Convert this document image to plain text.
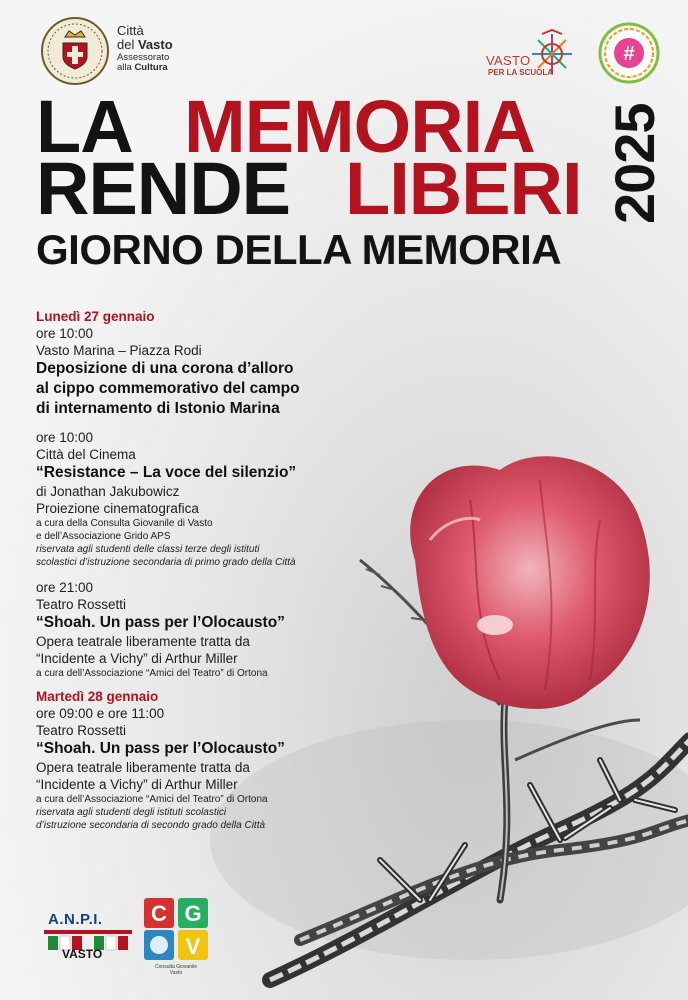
Città
del Vasto
Assessorato
alla Cultura	VASTO
PER LA SCUOLA
#
LA MEMORIA
RENDE LIBERI 2025
GIORNO DELLA MEMORIA
Lunedì 27 gennaio
ore 10:00
Vasto Marina – Piazza Rodi
Deposizione di una corona d’alloro
al cippo commemorativo del campo
di internamento di Istonio Marina
ore 10:00
Città del Cinema
“Resistance – La voce del silenzio”
di Jonathan Jakubowicz
Proiezione cinematografica
a cura della Consulta Giovanile di Vasto
e dell’Associazione Grido APS
riservata agli studenti delle classi terze degli istituti
scolastici d’istruzione secondaria di primo grado della Città
ore 21:00
Teatro Rossetti
“Shoah. Un pass per l’Olocausto”
Opera teatrale liberamente tratta da
“Incidente a Vichy” di Arthur Miller
a cura dell’Associazione “Amici del Teatro” di Ortona
Martedì 28 gennaio
ore 09:00 e ore 11:00
Teatro Rossetti
“Shoah. Un pass per l’Olocausto”
Opera teatrale liberamente tratta da
“Incidente a Vichy” di Arthur Miller
a cura dell’Associazione “Amici del Teatro” di Ortona
riservata agli studenti degli istituti scolastici
d’istruzione secondaria di secondo grado della Città
A.N.P.I.
VASTO
C G
V
Consulta Giovanile
Vasto
